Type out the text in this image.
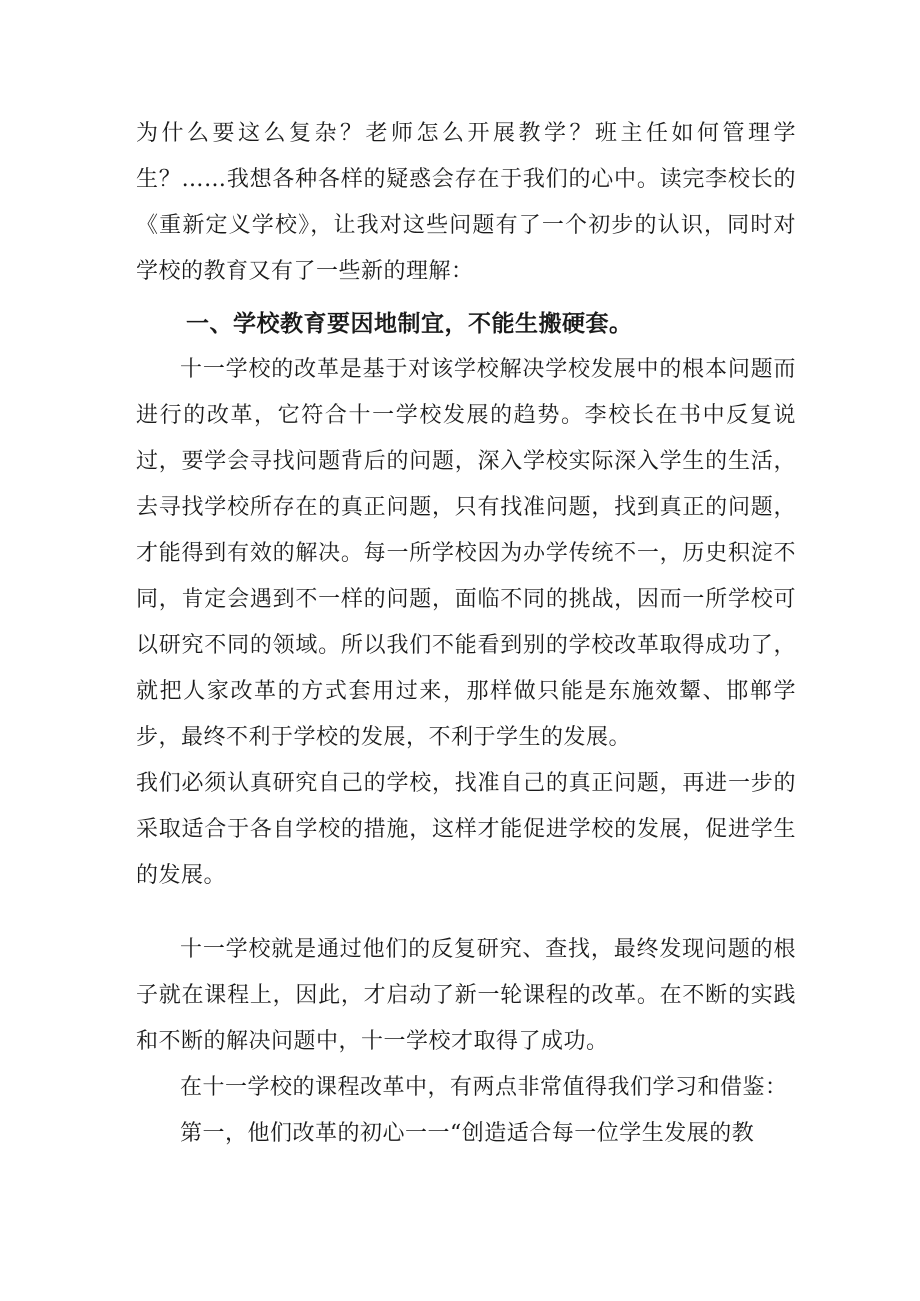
为什么要这么复杂？老师怎么开展教学？班主任如何管理学生？……我想各种各样的疑惑会存在于我们的心中。读完李校长的《重新定义学校》，让我对这些问题有了一个初步的认识，同时对学校的教育又有了一些新的理解：

一、学校教育要因地制宜，不能生搬硬套。

十一学校的改革是基于对该学校解决学校发展中的根本问题而进行的改革，它符合十一学校发展的趋势。李校长在书中反复说过，要学会寻找问题背后的问题，深入学校实际深入学生的生活，去寻找学校所存在的真正问题，只有找准问题，找到真正的问题，才能得到有效的解决。每一所学校因为办学传统不一，历史积淀不同，肯定会遇到不一样的问题，面临不同的挑战，因而一所学校可以研究不同的领域。所以我们不能看到别的学校改革取得成功了，就把人家改革的方式套用过来，那样做只能是东施效颦、邯郸学步，最终不利于学校的发展，不利于学生的发展。

我们必须认真研究自己的学校，找准自己的真正问题，再进一步的采取适合于各自学校的措施，这样才能促进学校的发展，促进学生的发展。

十一学校就是通过他们的反复研究、查找，最终发现问题的根子就在课程上，因此，才启动了新一轮课程的改革。在不断的实践和不断的解决问题中，十一学校才取得了成功。

在十一学校的课程改革中，有两点非常值得我们学习和借鉴：

第一，他们改革的初心一一“创造适合每一位学生发展的教
